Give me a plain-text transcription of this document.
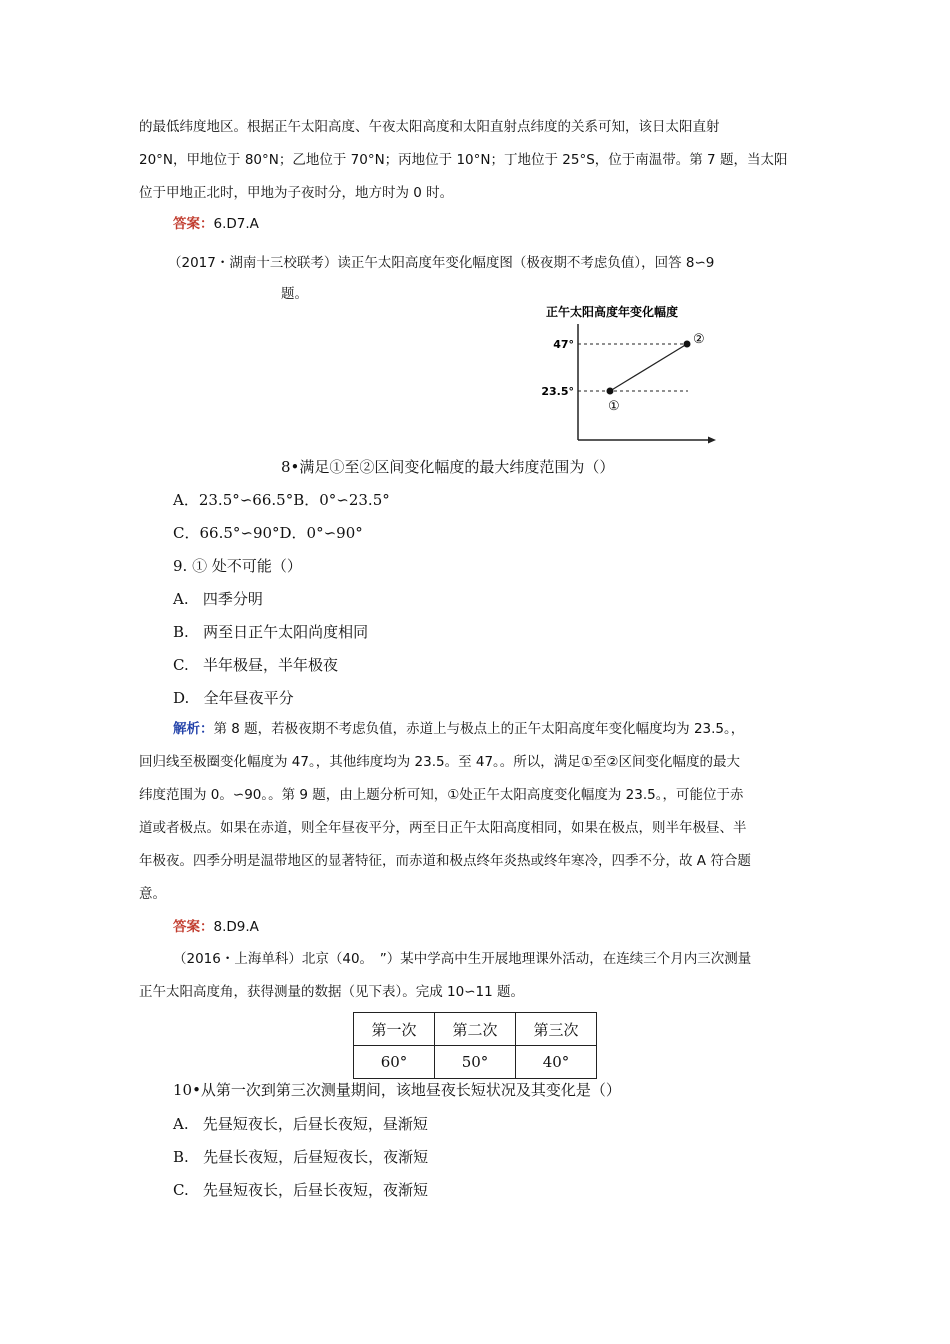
的最低纬度地区。根据正午太阳高度、午夜太阳高度和太阳直射点纬度的关系可知，该日太阳直射
20°N，甲地位于 80°N；乙地位于 70°N；丙地位于 10°N；丁地位于 25°S，位于南温带。第 7 题，当太阳
位于甲地正北时，甲地为子夜时分，地方时为 0 时。
答案：6.D7.A
（2017・湖南十三校联考）读正午太阳高度年变化幅度图（极夜期不考虑负值），回答 8∽9
题。
正午太阳高度年变化幅度
47°
23.5°
①
②
8•满足①至②区间变化幅度的最大纬度范围为（）
A．23.5°∽66.5°B．0°∽23.5°
C．66.5°∽90°D．0°∽90°
9. ① 处不可能（）
A. 四季分明
B. 两至日正午太阳尚度相同
C. 半年极昼，半年极夜
D. 全年昼夜平分
解析：第 8 题，若极夜期不考虑负值，赤道上与极点上的正午太阳高度年变化幅度均为 23.5。，
回归线至极圈变化幅度为 47。，其他纬度均为 23.5。至 47。。所以，满足①至②区间变化幅度的最大
纬度范围为 0。∽90。。第 9 题，由上题分析可知，①处正午太阳高度变化幅度为 23.5。，可能位于赤
道或者极点。如果在赤道，则全年昼夜平分，两至日正午太阳高度相同，如果在极点，则半年极昼、半
年极夜。四季分明是温带地区的显著特征，而赤道和极点终年炎热或终年寒冷，四季不分，故 A 符合题
意。
答案：8.D9.A
（2016・上海单科）北京（40。　”）某中学高中生开展地理课外活动，在连续三个月内三次测量
正午太阳高度角，获得测量的数据（见下表）。完成 10∽11 题。
第一次	第二次	第三次
60°	50°	40°
10•从第一次到第三次测量期间，该地昼夜长短状况及其变化是（）
A. 先昼短夜长，后昼长夜短，昼渐短
B. 先昼长夜短，后昼短夜长，夜渐短
C. 先昼短夜长，后昼长夜短，夜渐短
